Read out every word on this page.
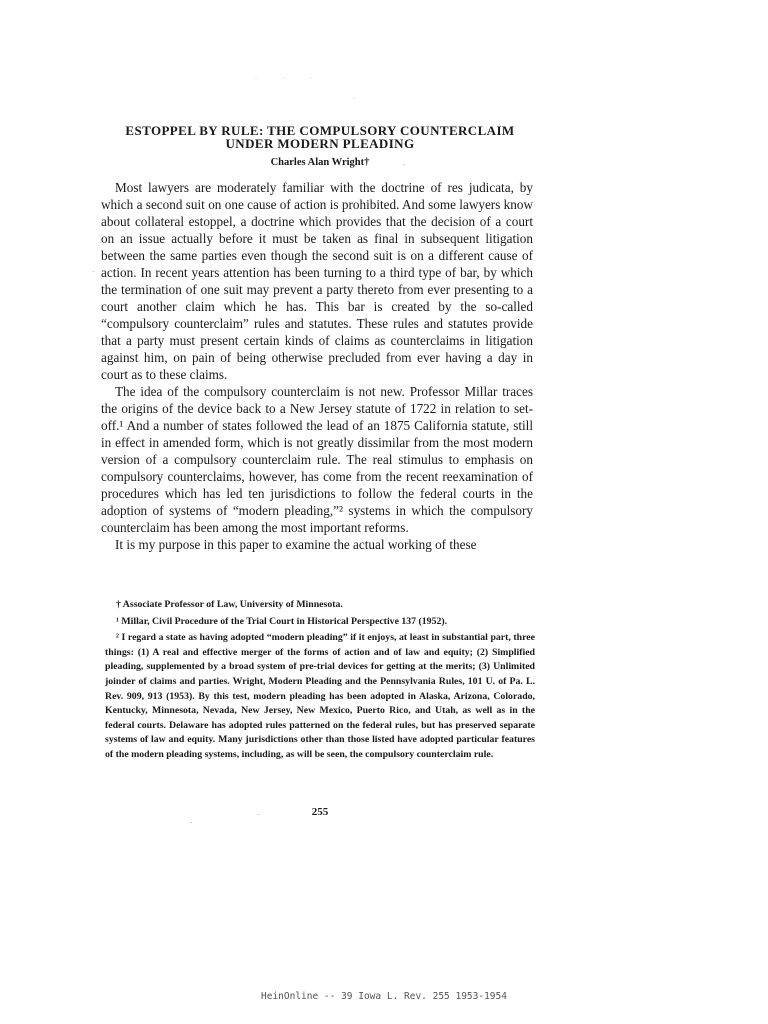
· · ·
·
·
·
·
·
ESTOPPEL BY RULE: THE COMPULSORY COUNTERCLAIM
UNDER MODERN PLEADING
Charles Alan Wright†

Most lawyers are moderately familiar with the doctrine of res judicata, by which a second suit on one cause of action is prohibited. And some lawyers know about collateral estoppel, a doctrine which provides that the decision of a court on an issue actually before it must be taken as final in subsequent litigation between the same parties even though the second suit is on a different cause of action. In recent years attention has been turning to a third type of bar, by which the termination of one suit may prevent a party thereto from ever presenting to a court another claim which he has. This bar is created by the so-called “compulsory counterclaim” rules and statutes. These rules and statutes provide that a party must present certain kinds of claims as counterclaims in litigation against him, on pain of being otherwise precluded from ever having a day in court as to these claims.

The idea of the compulsory counterclaim is not new. Professor Millar traces the origins of the device back to a New Jersey statute of 1722 in relation to set-off.¹ And a number of states followed the lead of an 1875 California statute, still in effect in amended form, which is not greatly dissimilar from the most modern version of a compulsory counterclaim rule. The real stimulus to emphasis on compulsory counterclaims, however, has come from the recent reexamination of procedures which has led ten jurisdictions to follow the federal courts in the adoption of systems of “modern pleading,”² systems in which the compulsory counterclaim has been among the most important reforms.

It is my purpose in this paper to examine the actual working of these

† Associate Professor of Law, University of Minnesota.

¹ Millar, Civil Procedure of the Trial Court in Historical Perspective 137 (1952).

² I regard a state as having adopted “modern pleading” if it enjoys, at least in substantial part, three things: (1) A real and effective merger of the forms of action and of law and equity; (2) Simplified pleading, supplemented by a broad system of pre-trial devices for getting at the merits; (3) Unlimited joinder of claims and parties. Wright, Modern Pleading and the Pennsylvania Rules, 101 U. of Pa. L. Rev. 909, 913 (1953). By this test, modern pleading has been adopted in Alaska, Arizona, Colorado, Kentucky, Minnesota, Nevada, New Jersey, New Mexico, Puerto Rico, and Utah, as well as in the federal courts. Delaware has adopted rules patterned on the federal rules, but has preserved separate systems of law and equity. Many jurisdictions other than those listed have adopted particular features of the modern pleading systems, including, as will be seen, the compulsory counterclaim rule.

255
HeinOnline -- 39 Iowa L. Rev. 255 1953-1954
